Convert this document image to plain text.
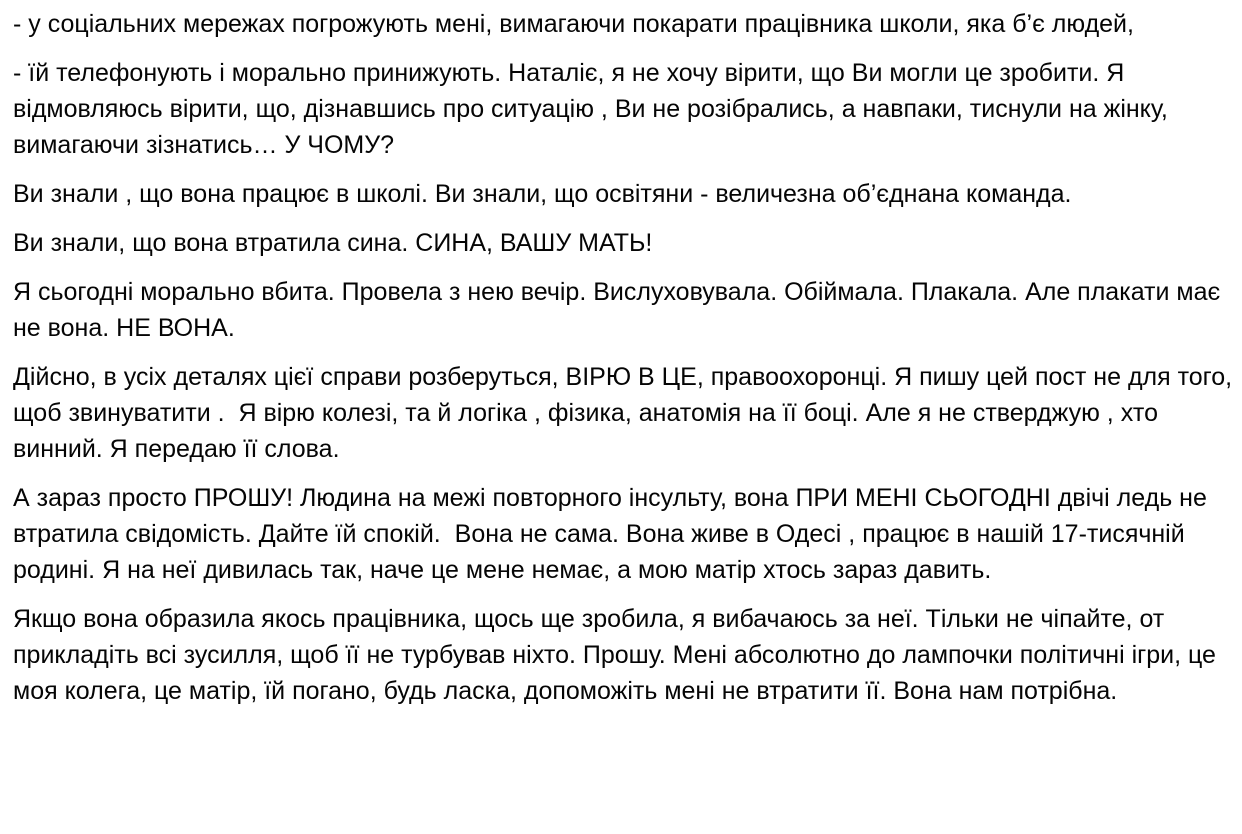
- у соціальних мережах погрожують мені, вимагаючи покарати працівника школи, яка б’є людей,

- їй телефонують і морально принижують. Наталіє, я не хочу вірити, що Ви могли це зробити. Я відмовляюсь вірити, що, дізнавшись про ситуацію , Ви не розібрались, а навпаки, тиснули на жінку, вимагаючи зізнатись… У ЧОМУ?

Ви знали , що вона працює в школі. Ви знали, що освітяни - величезна об’єднана команда.

Ви знали, що вона втратила сина. СИНА, ВАШУ МАТЬ!

Я сьогодні морально вбита. Провела з нею вечір. Вислуховувала. Обіймала. Плакала. Але плакати має не вона. НЕ ВОНА.

Дійсно, в усіх деталях цієї справи розберуться, ВІРЮ В ЦЕ, правоохоронці. Я пишу цей пост не для того, щоб звинуватити .  Я вірю колезі, та й логіка , фізика, анатомія на її боці. Але я не стверджую , хто винний. Я передаю її слова.

А зараз просто ПРОШУ! Людина на межі повторного інсульту, вона ПРИ МЕНІ СЬОГОДНІ двічі ледь не втратила свідомість. Дайте їй спокій.  Вона не сама. Вона живе в Одесі , працює в нашій 17-тисячній родині. Я на неї дивилась так, наче це мене немає, а мою матір хтось зараз давить.

Якщо вона образила якось працівника, щось ще зробила, я вибачаюсь за неї. Тільки не чіпайте, от прикладіть всі зусилля, щоб її не турбував ніхто. Прошу. Мені абсолютно до лампочки політичні ігри, це моя колега, це матір, їй погано, будь ласка, допоможіть мені не втратити її. Вона нам потрібна.
